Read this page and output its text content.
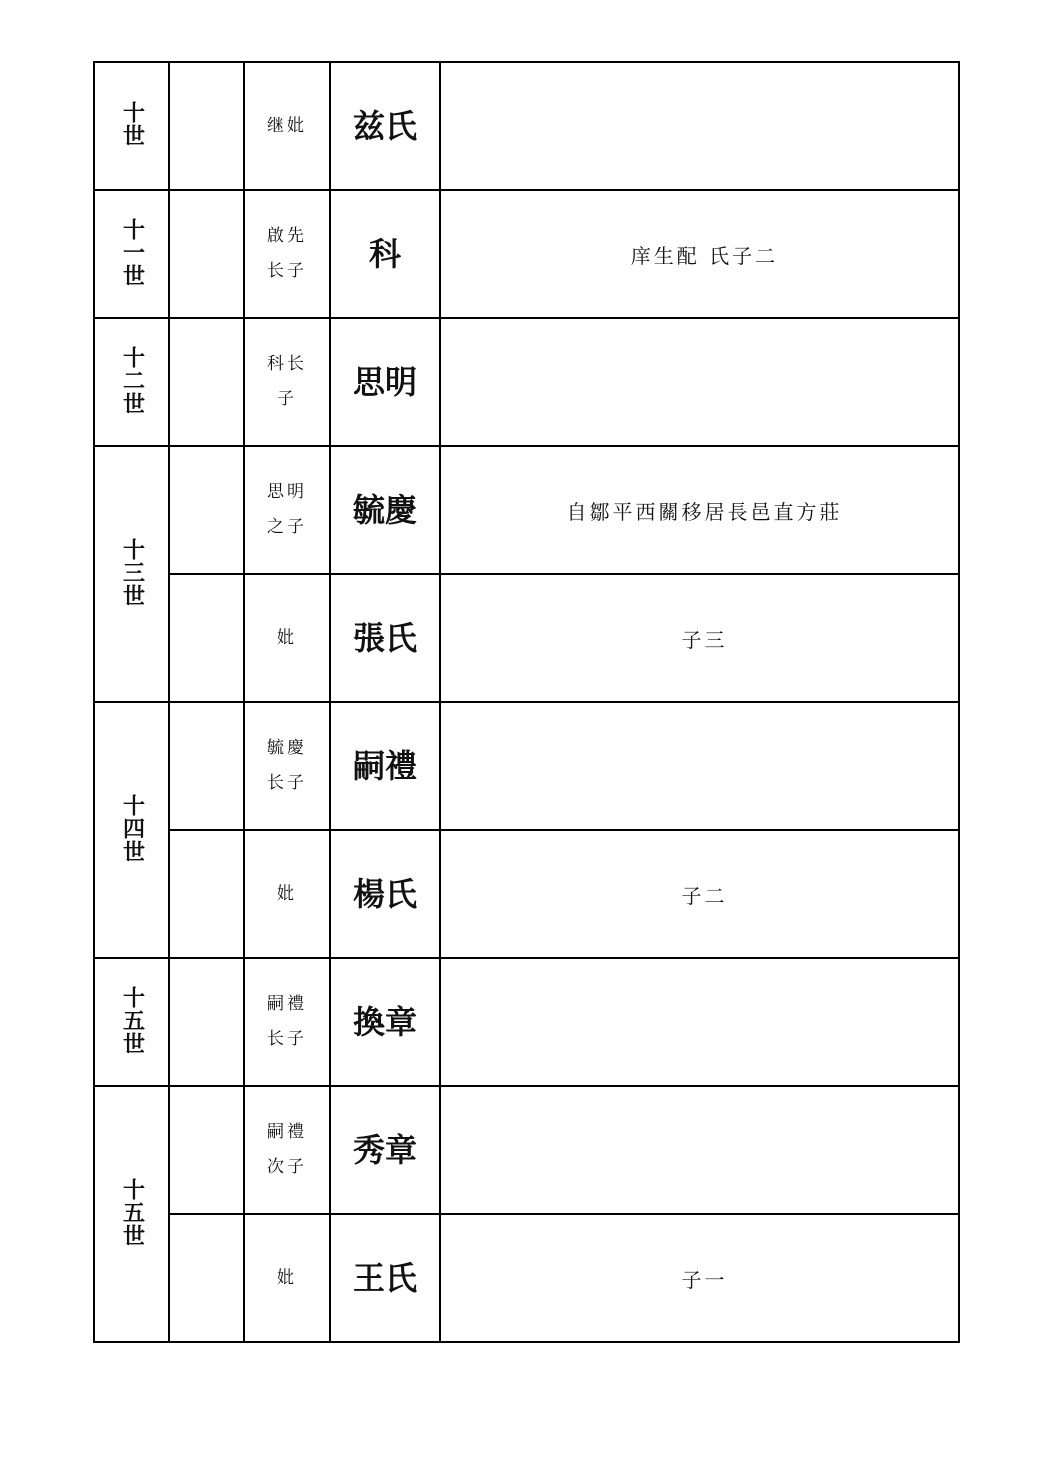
十世		继妣	兹氏	

十一世		啟先长子	科	庠生配 氏子二

十二世		科长子	思明	

十三世		思明之子	毓慶	自鄒平西關移居長邑直方莊

		妣	張氏	子三

十四世		毓慶长子	嗣禮	

		妣	楊氏	子二

十五世		嗣禮长子	換章	

十五世		嗣禮次子	秀章	

		妣	王氏	子一
